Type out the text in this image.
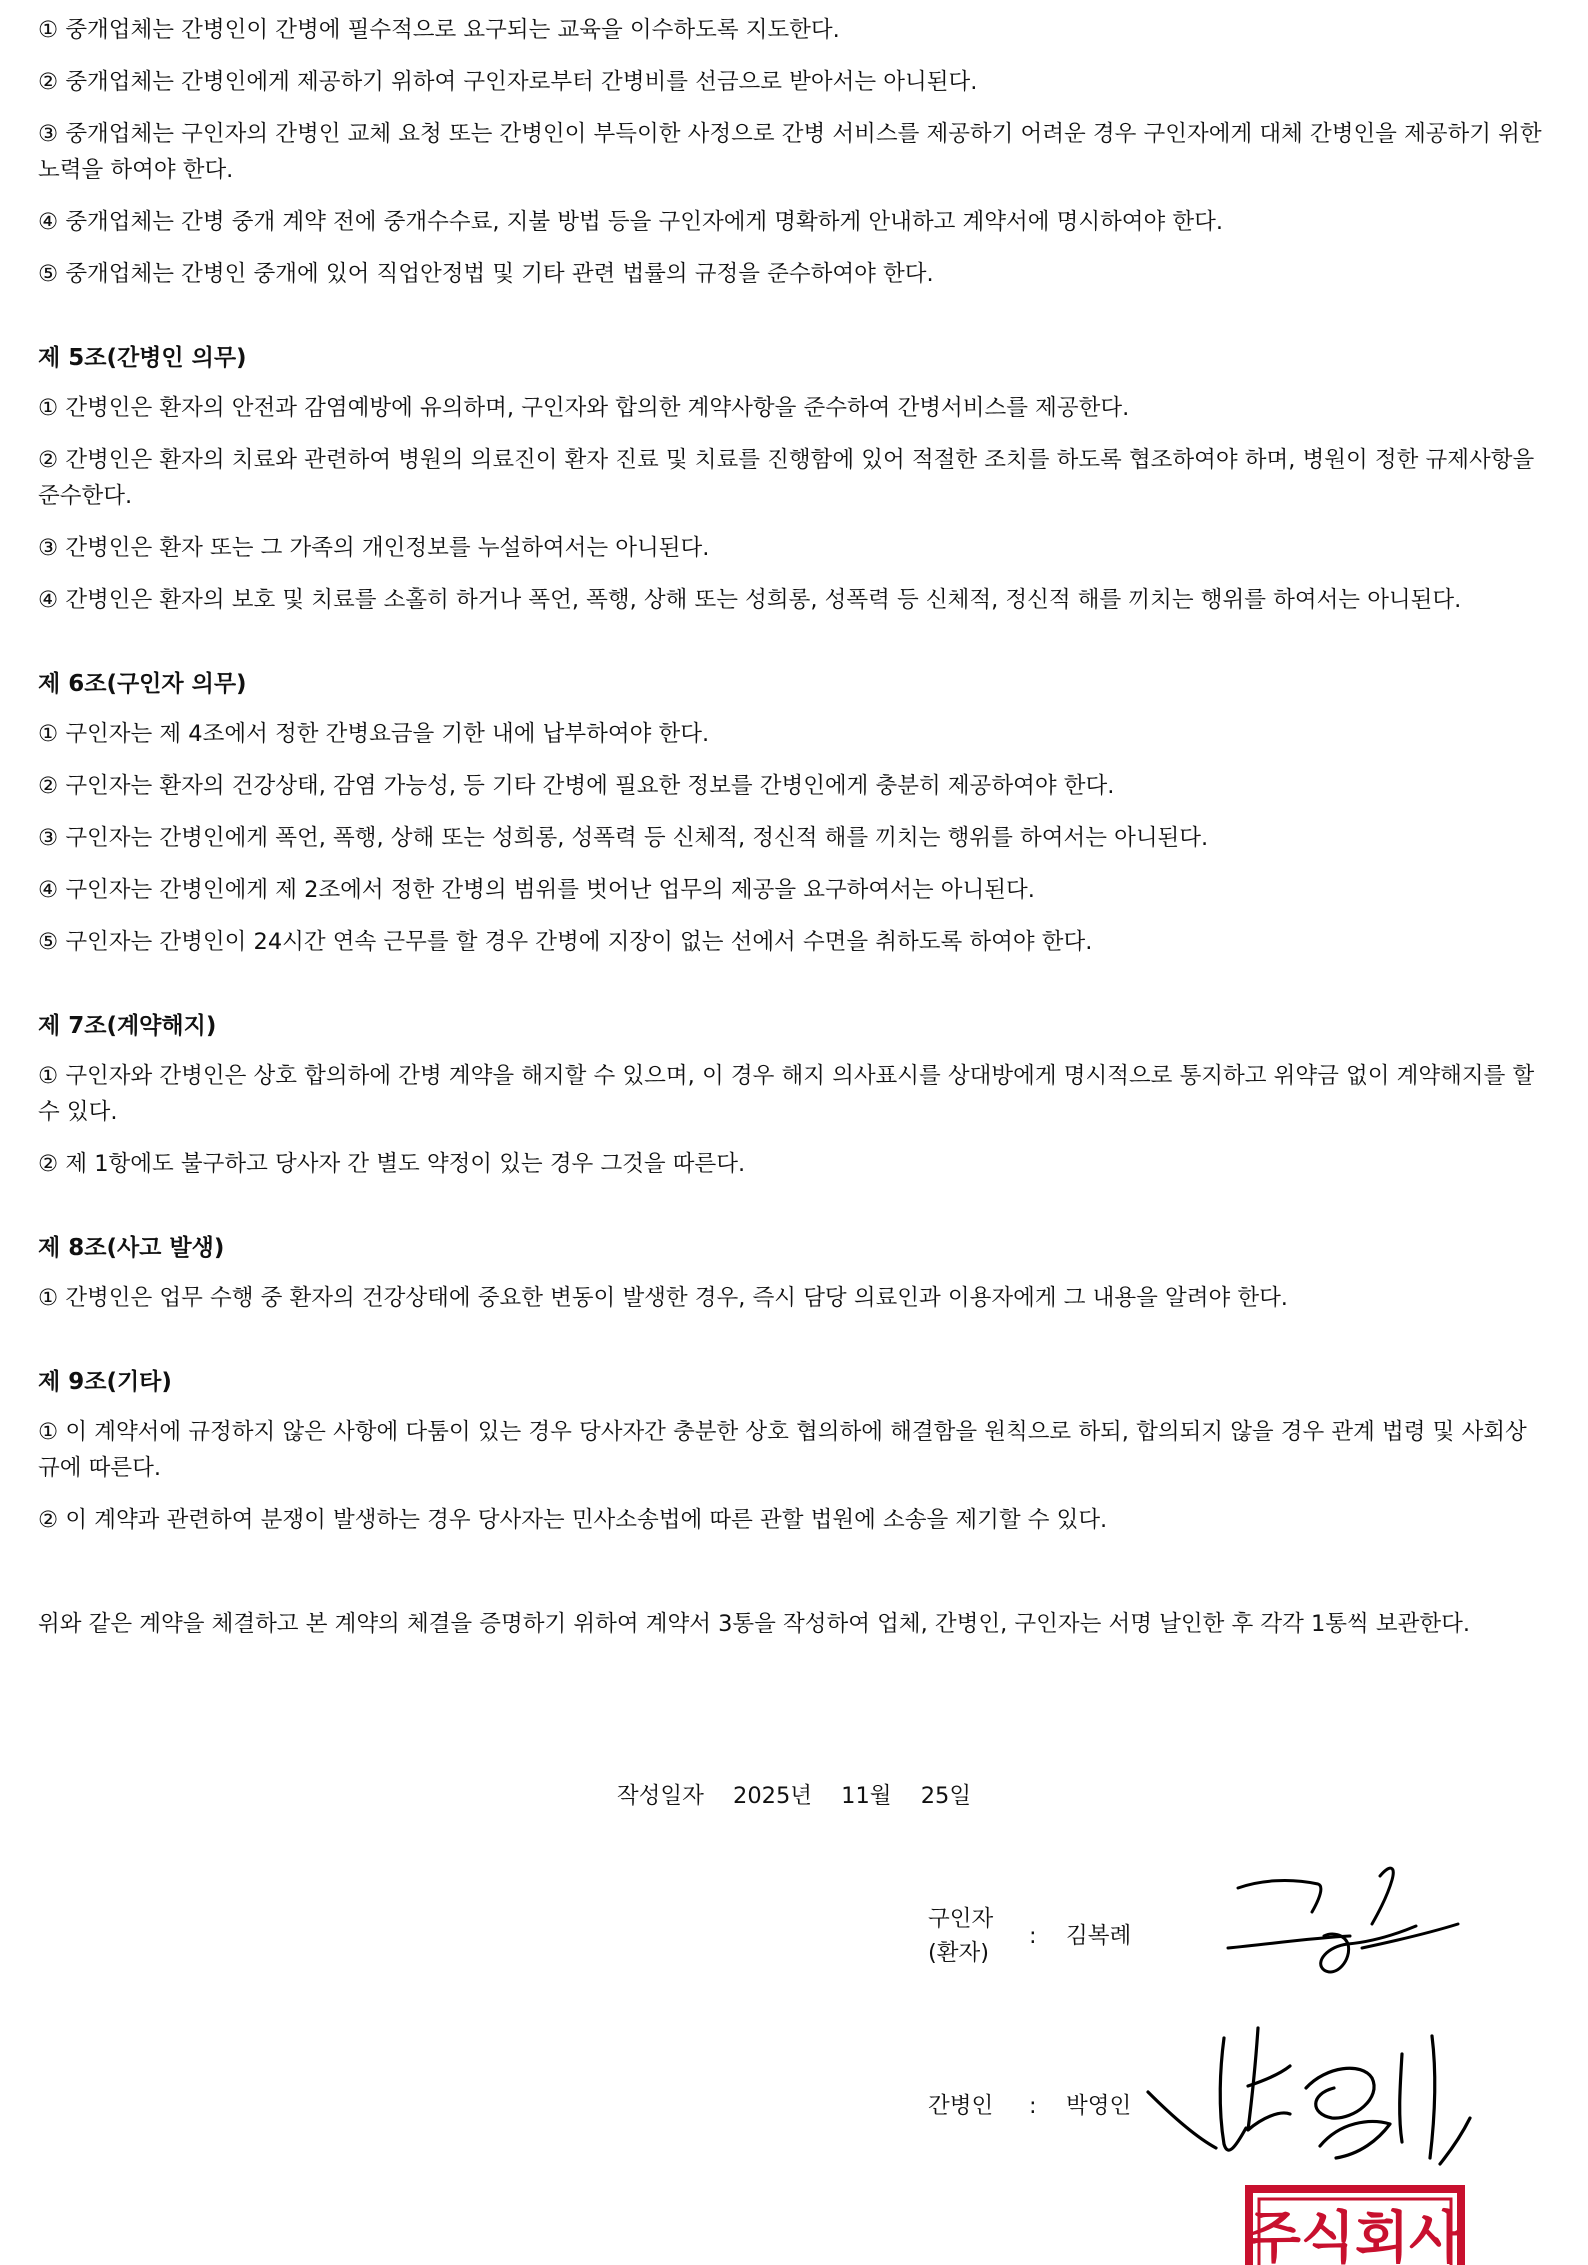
① 중개업체는 간병인이 간병에 필수적으로 요구되는 교육을 이수하도록 지도한다.

② 중개업체는 간병인에게 제공하기 위하여 구인자로부터 간병비를 선금으로 받아서는 아니된다.

③ 중개업체는 구인자의 간병인 교체 요청 또는 간병인이 부득이한 사정으로 간병 서비스를 제공하기 어려운 경우 구인자에게 대체 간병인을 제공하기 위한 노력을 하여야 한다.

④ 중개업체는 간병 중개 계약 전에 중개수수료, 지불 방법 등을 구인자에게 명확하게 안내하고 계약서에 명시하여야 한다.

⑤ 중개업체는 간병인 중개에 있어 직업안정법 및 기타 관련 법률의 규정을 준수하여야 한다.

제 5조(간병인 의무)

① 간병인은 환자의 안전과 감염예방에 유의하며, 구인자와 합의한 계약사항을 준수하여 간병서비스를 제공한다.

② 간병인은 환자의 치료와 관련하여 병원의 의료진이 환자 진료 및 치료를 진행함에 있어 적절한 조치를 하도록 협조하여야 하며, 병원이 정한 규제사항을 준수한다.

③ 간병인은 환자 또는 그 가족의 개인정보를 누설하여서는 아니된다.

④ 간병인은 환자의 보호 및 치료를 소홀히 하거나 폭언, 폭행, 상해 또는 성희롱, 성폭력 등 신체적, 정신적 해를 끼치는 행위를 하여서는 아니된다.

제 6조(구인자 의무)

① 구인자는 제 4조에서 정한 간병요금을 기한 내에 납부하여야 한다.

② 구인자는 환자의 건강상태, 감염 가능성, 등 기타 간병에 필요한 정보를 간병인에게 충분히 제공하여야 한다.

③ 구인자는 간병인에게 폭언, 폭행, 상해 또는 성희롱, 성폭력 등 신체적, 정신적 해를 끼치는 행위를 하여서는 아니된다.

④ 구인자는 간병인에게 제 2조에서 정한 간병의 범위를 벗어난 업무의 제공을 요구하여서는 아니된다.

⑤ 구인자는 간병인이 24시간 연속 근무를 할 경우 간병에 지장이 없는 선에서 수면을 취하도록 하여야 한다.

제 7조(계약해지)

① 구인자와 간병인은 상호 합의하에 간병 계약을 해지할 수 있으며, 이 경우 해지 의사표시를 상대방에게 명시적으로 통지하고 위약금 없이 계약해지를 할 수 있다.

② 제 1항에도 불구하고 당사자 간 별도 약정이 있는 경우 그것을 따른다.

제 8조(사고 발생)

① 간병인은 업무 수행 중 환자의 건강상태에 중요한 변동이 발생한 경우, 즉시 담당 의료인과 이용자에게 그 내용을 알려야 한다.

제 9조(기타)

① 이 계약서에 규정하지 않은 사항에 다툼이 있는 경우 당사자간 충분한 상호 협의하에 해결함을 원칙으로 하되, 합의되지 않을 경우 관계 법령 및 사회상규에 따른다.

② 이 계약과 관련하여 분쟁이 발생하는 경우 당사자는 민사소송법에 따른 관할 법원에 소송을 제기할 수 있다.

위와 같은 계약을 체결하고 본 계약의 체결을 증명하기 위하여 계약서 3통을 작성하여 업체, 간병인, 구인자는 서명 날인한 후 각각 1통씩 보관한다.

작성일자 2025년 11월 25일
구인자
(환자)
: 김복례
간병인	: 박영인
주식회사
